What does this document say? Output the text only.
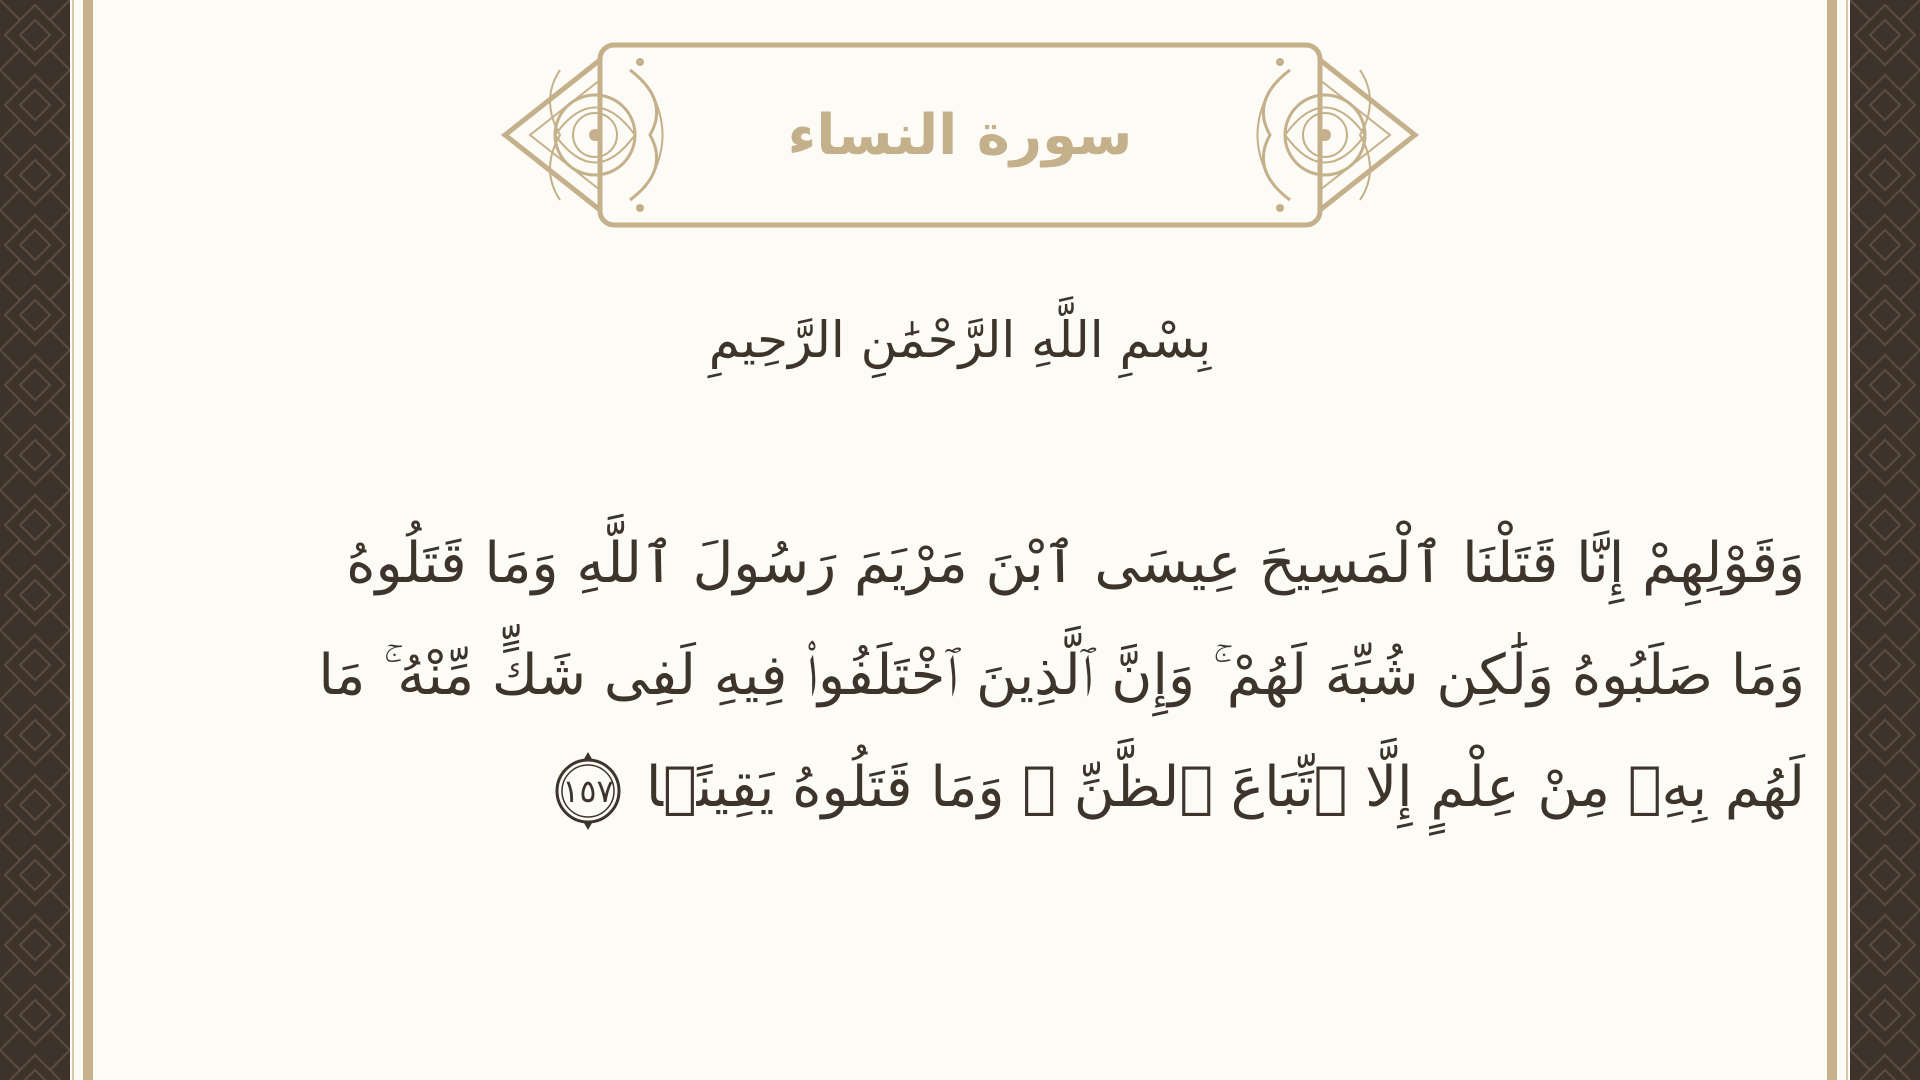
سورة النساء
بِسْمِ اللَّهِ الرَّحْمَٰنِ الرَّحِيمِ
وَقَوْلِهِمْ إِنَّا قَتَلْنَا ٱلْمَسِيحَ عِيسَى ٱبْنَ مَرْيَمَ رَسُولَ ٱللَّهِ وَمَا قَتَلُوهُ
وَمَا صَلَبُوهُ وَلَٰكِن شُبِّهَ لَهُمْ ۚ وَإِنَّ ٱلَّذِينَ ٱخْتَلَفُوا۟ فِيهِ لَفِى شَكٍّ مِّنْهُ ۚ مَا
لَهُم بِهِۦ مِنْ عِلْمٍ إِلَّا ٱتِّبَاعَ ٱلظَّنِّ ۚ وَمَا قَتَلُوهُ يَقِينًۢا
١٥٧
